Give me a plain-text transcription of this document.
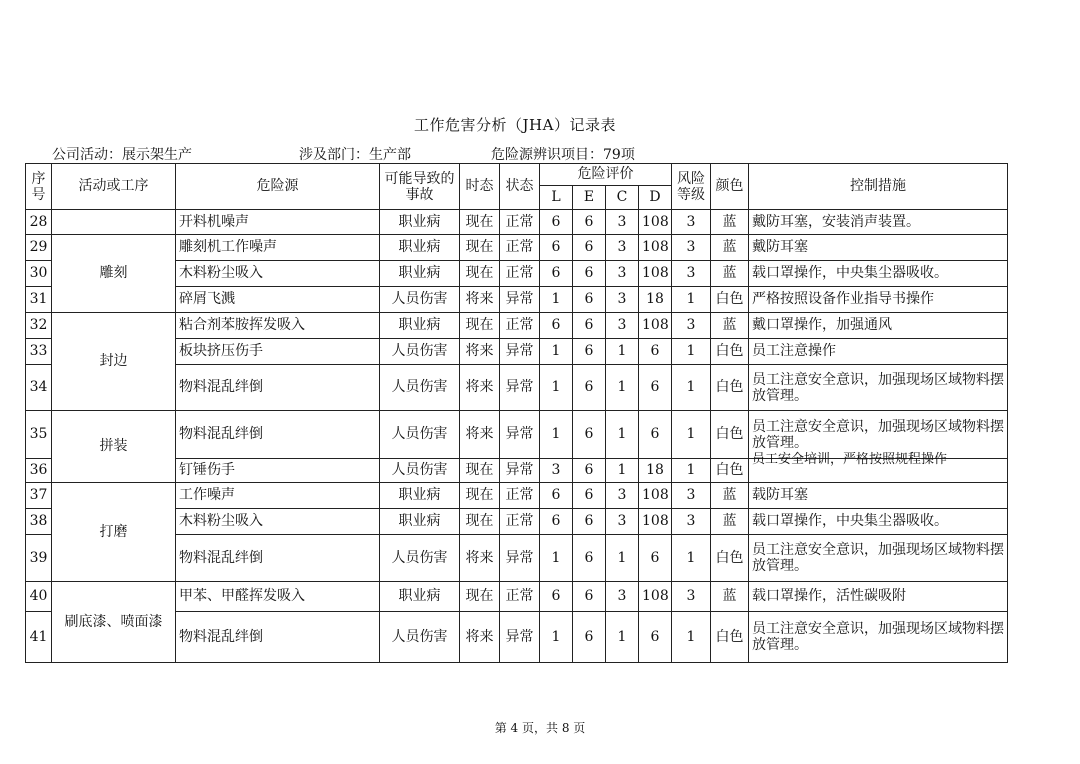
工作危害分析（JHA）记录表
公司活动：展示架生产	涉及部门：生产部	危险源辨识项目：79项
序号	活动或工序	危险源	可能导致的事故	时态	状态	危险评价				风险等级	颜色	控制措施
						L	E	C	D			
28		开料机噪声	职业病	现在	正常	6	6	3	108	3	蓝	戴防耳塞，安装消声装置。
29	雕刻	雕刻机工作噪声	职业病	现在	正常	6	6	3	108	3	蓝	戴防耳塞
30		木料粉尘吸入	职业病	现在	正常	6	6	3	108	3	蓝	载口罩操作，中央集尘器吸收。
31		碎屑飞溅	人员伤害	将来	异常	1	6	3	18	1	白色	严格按照设备作业指导书操作
32	封边	粘合剂苯胺挥发吸入	职业病	现在	正常	6	6	3	108	3	蓝	戴口罩操作，加强通风
33		板块挤压伤手	人员伤害	将来	异常	1	6	1	6	1	白色	员工注意操作
34		物料混乱绊倒	人员伤害	将来	异常	1	6	1	6	1	白色	员工注意安全意识，加强现场区域物料摆放管理。
35	拼装	物料混乱绊倒	人员伤害	将来	异常	1	6	1	6	1	白色	员工注意安全意识，加强现场区域物料摆放管理。
36		钉锤伤手	人员伤害	现在	异常	3	6	1	18	1	白色	员工安全培训，严格按照规程操作

37	打磨	工作噪声	职业病	现在	正常	6	6	3	108	3	蓝	载防耳塞
38		木料粉尘吸入	职业病	现在	正常	6	6	3	108	3	蓝	载口罩操作，中央集尘器吸收。
39		物料混乱绊倒	人员伤害	将来	异常	1	6	1	6	1	白色	员工注意安全意识，加强现场区域物料摆放管理。
40	刷底漆、喷面漆	甲苯、甲醛挥发吸入	职业病	现在	正常	6	6	3	108	3	蓝	载口罩操作，活性碳吸附
41		物料混乱绊倒	人员伤害	将来	异常	1	6	1	6	1	白色	员工注意安全意识，加强现场区域物料摆放管理。
第 4 页，共 8 页
